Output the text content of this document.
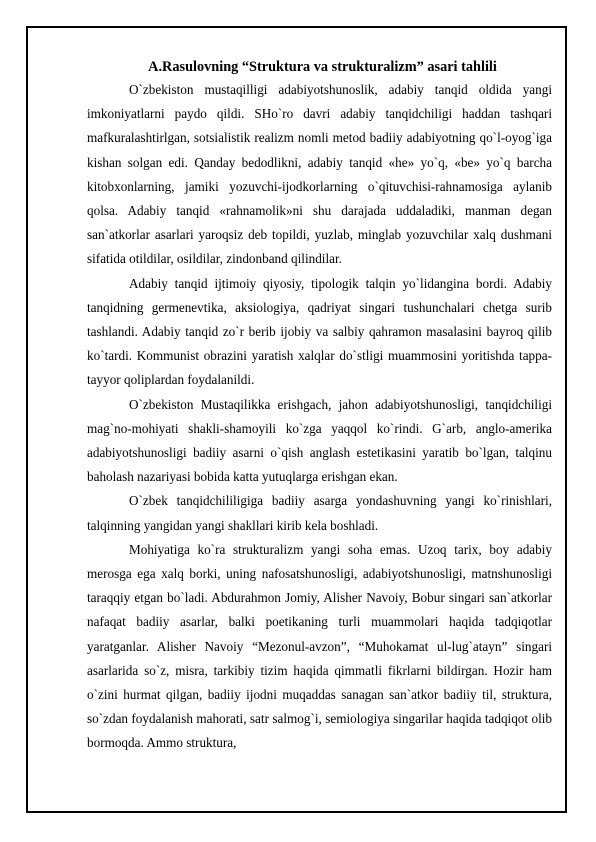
A.Rasulovning “Struktura va strukturalizm” asari tahlili

O`zbekiston mustaqilligi adabiyotshunoslik, adabiy tanqid oldida yangi imkoniyatlarni paydo qildi. SHo`ro davri adabiy tanqidchiligi haddan tashqari mafkuralashtirlgan, sotsialistik realizm nomli metod badiiy adabiyotning qo`l-oyog`iga kishan solgan edi. Qanday bedodlikni, adabiy tanqid «he» yo`q, «be» yo`q barcha kitobxonlarning, jamiki yozuvchi-ijodkorlarning o`qituvchisi-rahnamosiga aylanib qolsa. Adabiy tanqid «rahnamolik»ni shu darajada uddaladiki, manman degan san`atkorlar asarlari yaroqsiz deb topildi, yuzlab, minglab yozuvchilar xalq dushmani sifatida otildilar, osildilar, zindonband qilindilar.

Adabiy tanqid ijtimoiy qiyosiy, tipologik talqin yo`lidangina bordi. Adabiy tanqidning germenevtika, aksiologiya, qadriyat singari tushunchalari chetga surib tashlandi. Adabiy tanqid zo`r berib ijobiy va salbiy qahramon masalasini bayroq qilib ko`tardi. Kommunist obrazini yaratish xalqlar do`stligi muammosini yoritishda tappa-tayyor qoliplardan foydalanildi.

O`zbekiston Mustaqilikka erishgach, jahon adabiyotshunosligi, tanqidchiligi mag`no-mohiyati shakli-shamoyili ko`zga yaqqol ko`rindi. G`arb, anglo-amerika adabiyotshunosligi badiiy asarni o`qish anglash estetikasini yaratib bo`lgan, talqinu baholash nazariyasi bobida katta yutuqlarga erishgan ekan.

O`zbek tanqidchililigiga badiiy asarga yondashuvning yangi ko`rinishlari, talqinning yangidan yangi shakllari kirib kela boshladi.

Mohiyatiga ko`ra strukturalizm yangi soha emas. Uzoq tarix, boy adabiy merosga ega xalq borki, uning nafosatshunosligi, adabiyotshunosligi, matnshunosligi taraqqiy etgan bo`ladi. Abdurahmon Jomiy, Alisher Navoiy, Bobur singari san`atkorlar nafaqat badiiy asarlar, balki poetikaning turli muammolari haqida tadqiqotlar yaratganlar. Alisher Navoiy “Mezonul-avzon”, “Muhokamat ul-lug`atayn” singari asarlarida so`z, misra, tarkibiy tizim haqida qimmatli fikrlarni bildirgan. Hozir ham o`zini hurmat qilgan, badiiy ijodni muqaddas sanagan san`atkor badiiy til, struktura, so`zdan foydalanish mahorati, satr salmog`i, semiologiya singarilar haqida tadqiqot olib bormoqda. Ammo struktura,
